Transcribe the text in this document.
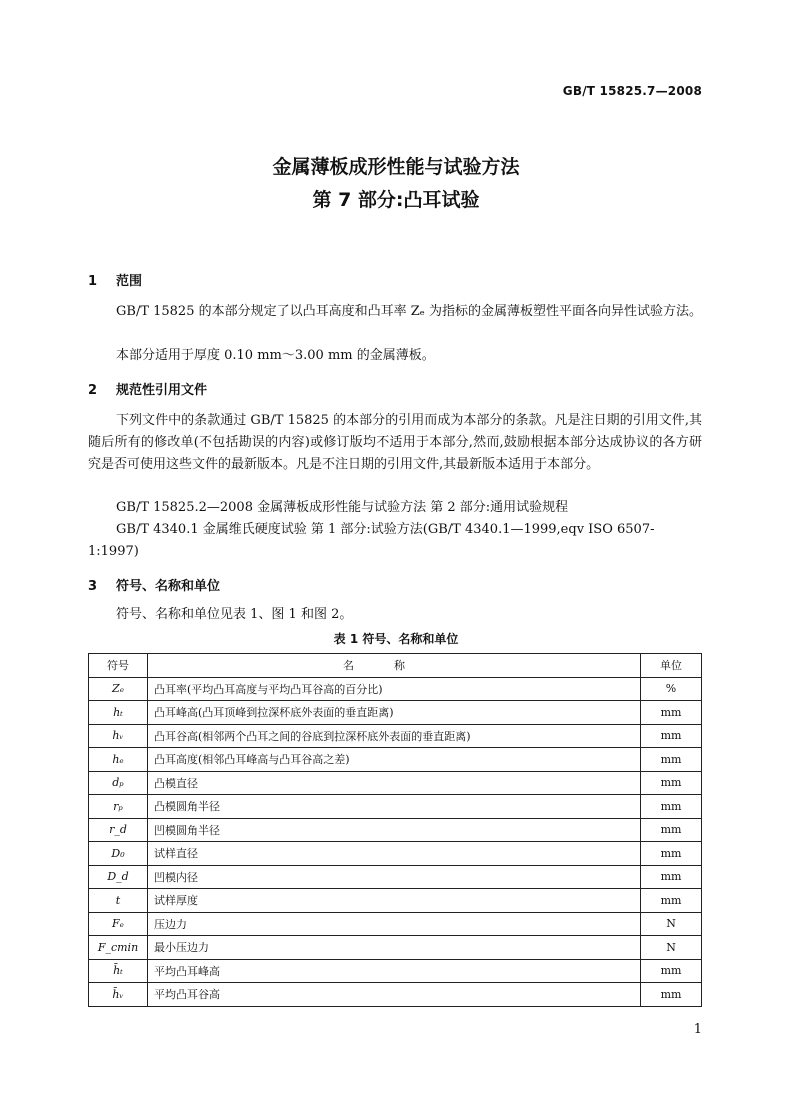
GB/T 15825.7—2008
金属薄板成形性能与试验方法
第 7 部分:凸耳试验
1 范围
GB/T 15825 的本部分规定了以凸耳高度和凸耳率 Zₑ 为指标的金属薄板塑性平面各向异性试验方法。
本部分适用于厚度 0.10 mm～3.00 mm 的金属薄板。
2 规范性引用文件
下列文件中的条款通过 GB/T 15825 的本部分的引用而成为本部分的条款。凡是注日期的引用文件,其随后所有的修改单(不包括勘误的内容)或修订版均不适用于本部分,然而,鼓励根据本部分达成协议的各方研究是否可使用这些文件的最新版本。凡是不注日期的引用文件,其最新版本适用于本部分。
GB/T 15825.2—2008 金属薄板成形性能与试验方法 第 2 部分:通用试验规程
GB/T 4340.1 金属维氏硬度试验 第 1 部分:试验方法(GB/T 4340.1—1999,eqv ISO 6507-1:1997)
3 符号、名称和单位
符号、名称和单位见表 1、图 1 和图 2。
表 1 符号、名称和单位
符号	名称	单位
Zₑ	凸耳率(平均凸耳高度与平均凸耳谷高的百分比)	%
hₜ	凸耳峰高(凸耳顶峰到拉深杯底外表面的垂直距离)	mm
hᵥ	凸耳谷高(相邻两个凸耳之间的谷底到拉深杯底外表面的垂直距离)	mm
hₑ	凸耳高度(相邻凸耳峰高与凸耳谷高之差)	mm
dₚ	凸模直径	mm
rₚ	凸模圆角半径	mm
r_d	凹模圆角半径	mm
D₀	试样直径	mm
D_d	凹模内径	mm
t	试样厚度	mm
Fₑ	压边力	N
F_cmin	最小压边力	N
h̄ₜ	平均凸耳峰高	mm
h̄ᵥ	平均凸耳谷高	mm
1
